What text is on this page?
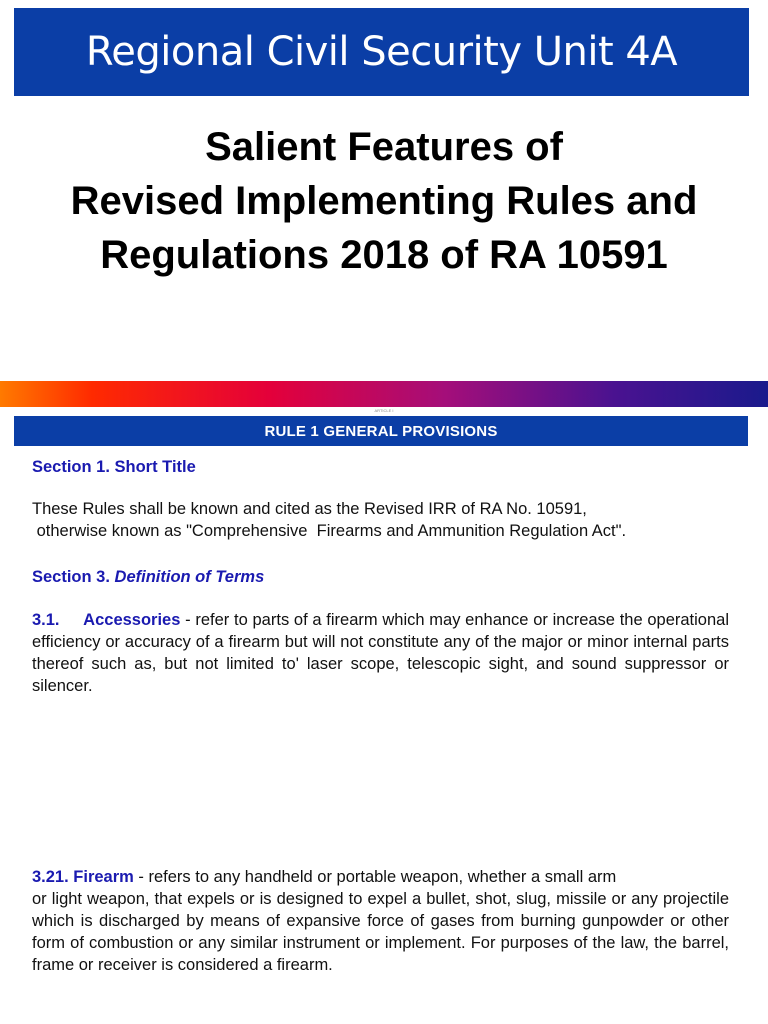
Regional Civil Security Unit 4A
Salient Features of
Revised Implementing Rules and
Regulations 2018 of RA 10591
ARTICLE I
RULE 1 GENERAL PROVISIONS
Section 1. Short Title

These Rules shall be known and cited as the Revised IRR of RA No. 10591,
otherwise known as "Comprehensive  Firearms and Ammunition Regulation Act".

Section 3. Definition of Terms

3.1. Accessories - refer to parts of a firearm which may enhance or increase the operational efficiency or accuracy of a firearm but will not constitute any of the major or minor internal parts thereof such as, but not limited to' laser scope, telescopic sight, and sound suppressor or silencer.

3.21. Firearm - refers to any handheld or portable weapon, whether a small arm

or light weapon, that expels or is designed to expel a bullet, shot, slug, missile or any projectile which is discharged by means of expansive force of gases from burning gunpowder or other form of combustion or any similar instrument or implement. For purposes of the law, the barrel, frame or receiver is considered a firearm.
